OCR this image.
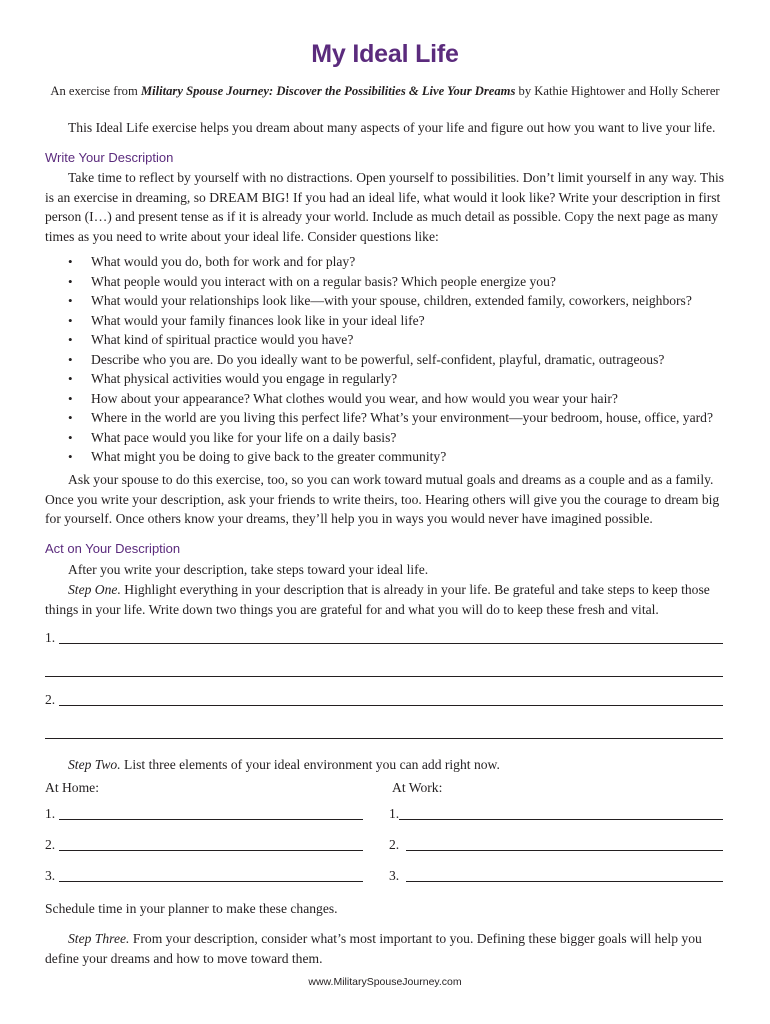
My Ideal Life
An exercise from Military Spouse Journey: Discover the Possibilities & Live Your Dreams by Kathie Hightower and Holly Scherer
This Ideal Life exercise helps you dream about many aspects of your life and figure out how you want to live your life.
Write Your Description
Take time to reflect by yourself with no distractions. Open yourself to possibilities. Don’t limit yourself in any way. This is an exercise in dreaming, so DREAM BIG! If you had an ideal life, what would it look like? Write your description in first person (I…) and present tense as if it is already your world. Include as much detail as possible. Copy the next page as many times as you need to write about your ideal life. Consider questions like:
• What would you do, both for work and for play?
• What people would you interact with on a regular basis? Which people energize you?
• What would your relationships look like—with your spouse, children, extended family, coworkers, neighbors?
• What would your family finances look like in your ideal life?
• What kind of spiritual practice would you have?
• Describe who you are. Do you ideally want to be powerful, self-confident, playful, dramatic, outrageous?
• What physical activities would you engage in regularly?
• How about your appearance? What clothes would you wear, and how would you wear your hair?
• Where in the world are you living this perfect life? What’s your environment—your bedroom, house, office, yard?
• What pace would you like for your life on a daily basis?
• What might you be doing to give back to the greater community?
Ask your spouse to do this exercise, too, so you can work toward mutual goals and dreams as a couple and as a family. Once you write your description, ask your friends to write theirs, too. Hearing others will give you the courage to dream big for yourself. Once others know your dreams, they’ll help you in ways you would never have imagined possible.
Act on Your Description
After you write your description, take steps toward your ideal life.
Step One. Highlight everything in your description that is already in your life. Be grateful and take steps to keep those things in your life. Write down two things you are grateful for and what you will do to keep these fresh and vital.
1.
2.
Step Two. List three elements of your ideal environment you can add right now.
At Home:	At Work:
1.
2.
3.
1.
2.
3.
Schedule time in your planner to make these changes.
Step Three. From your description, consider what’s most important to you. Defining these bigger goals will help you define your dreams and how to move toward them.
www.MilitarySpouseJourney.com
